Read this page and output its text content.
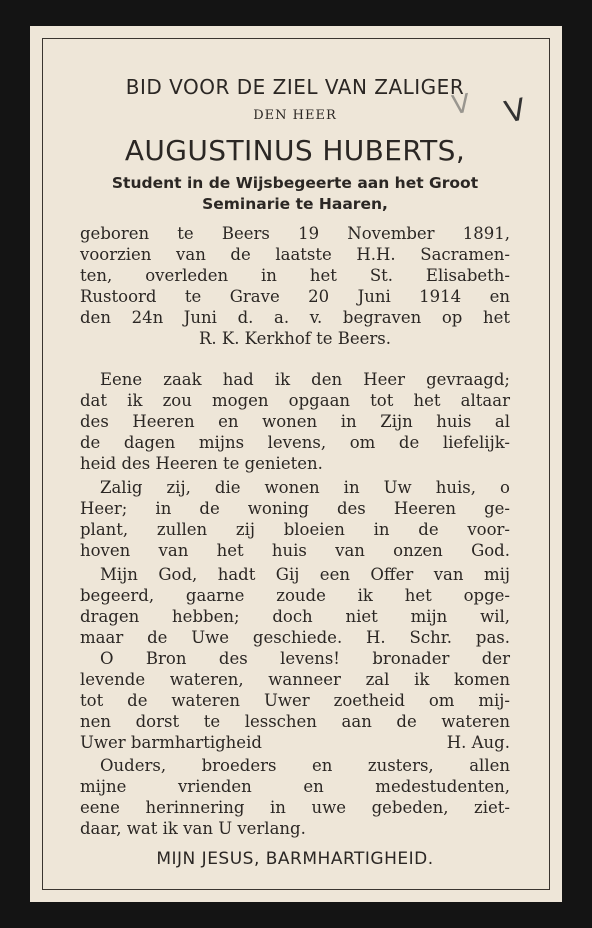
V V
BID VOOR DE ZIEL VAN ZALIGER
DEN HEER
AUGUSTINUS HUBERTS,
Student in de Wijsbegeerte aan het Groot
Seminarie te Haaren,
geboren te Beers 19 November 1891,
voorzien van de laatste H.H. Sacramen-
ten, overleden in het St. Elisabeth-
Rustoord te Grave 20 Juni 1914 en
den 24n Juni d. a. v. begraven op het
R. K. Kerkhof te Beers.
Eene zaak had ik den Heer gevraagd;
dat ik zou mogen opgaan tot het altaar
des Heeren en wonen in Zijn huis al
de dagen mijns levens, om de liefelijk-
heid des Heeren te genieten.
Zalig zij, die wonen in Uw huis, o
Heer; in de woning des Heeren ge-
plant, zullen zij bloeien in de voor-
hoven van het huis van onzen God.
Mijn God, hadt Gij een Offer van mij
begeerd, gaarne zoude ik het opge-
dragen hebben; doch niet mijn wil,
maar de Uwe geschiede. H. Schr. pas.
O Bron des levens! bronader der
levende wateren, wanneer zal ik komen
tot de wateren Uwer zoetheid om mij-
nen dorst te lesschen aan de wateren
Uwer barmhartigheid	H. Aug.
Ouders, broeders en zusters, allen
mijne vrienden en medestudenten,
eene herinnering in uwe gebeden, ziet-
daar, wat ik van U verlang.
MIJN JESUS, BARMHARTIGHEID.
